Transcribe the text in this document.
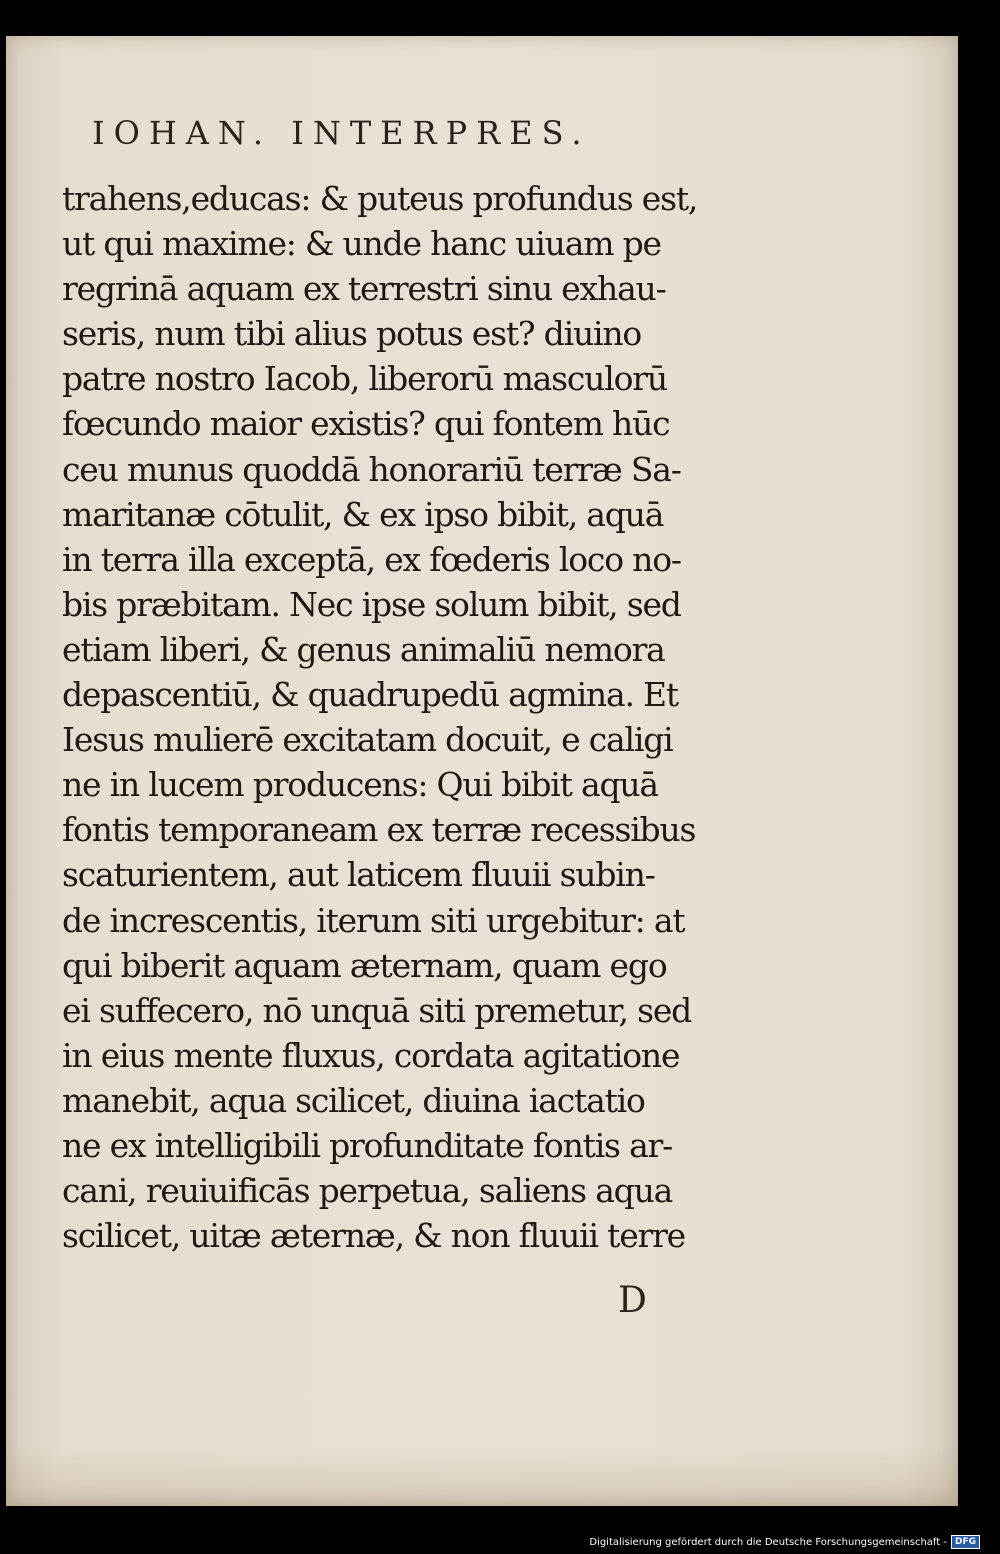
IOHAN. INTERPRES.
trahens,educas: & puteus profundus est,
ut qui maxime: & unde hanc uiuam pe
regrinā aquam ex terrestri sinu exhau-
seris, num tibi alius potus est? diuino
patre nostro Iacob, liberorū masculorū
fœcundo maior existis? qui fontem hūc
ceu munus quoddā honorariū terræ Sa-
maritanæ cōtulit, & ex ipso bibit, aquā
in terra illa exceptā, ex fœderis loco no-
bis præbitam. Nec ipse solum bibit, sed
etiam liberi, & genus animaliū nemora
depascentiū, & quadrupedū agmina. Et
Iesus mulierē excitatam docuit, e caligi
ne in lucem producens: Qui bibit aquā
fontis temporaneam ex terræ recessibus
scaturientem, aut laticem fluuii subin-
de increscentis, iterum siti urgebitur: at
qui biberit aquam æternam, quam ego
ei suffecero, nō unquā siti premetur, sed
in eius mente fluxus, cordata agitatione
manebit, aqua scilicet, diuina iactatio
ne ex intelligibili profunditate fontis ar-
cani, reuiuificās perpetua, saliens aqua
scilicet, uitæ æternæ, & non fluuii terre
D
Digitalisierung gefördert durch die Deutsche Forschungsgemeinschaft - DFG
